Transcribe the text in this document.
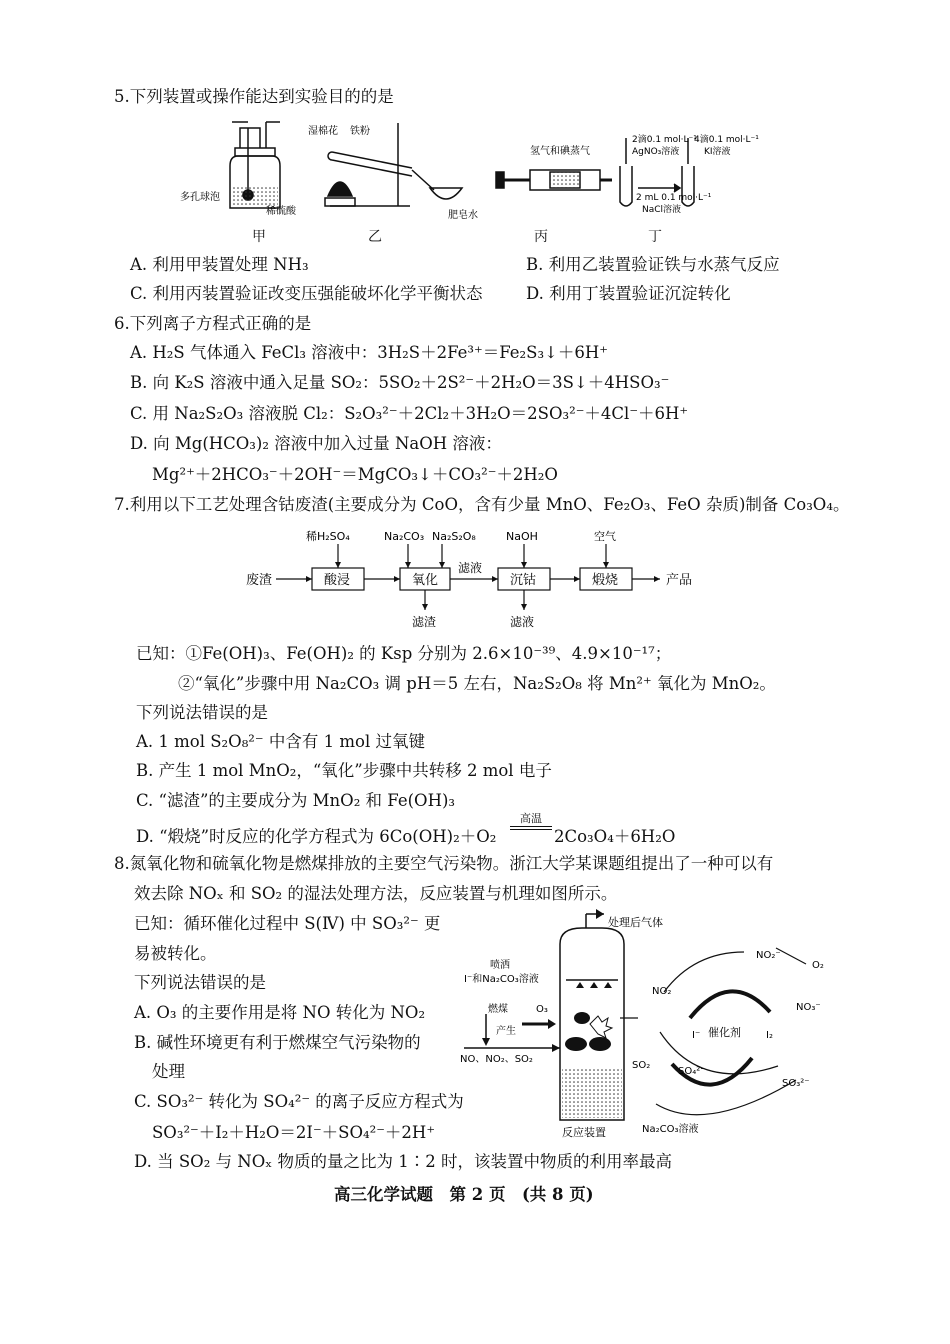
5.下列装置或操作能达到实验目的的是
多孔球泡
稀硫酸
湿棉花 铁粉
肥皂水
氢气和碘蒸气
2滴0.1 mol·L⁻¹
AgNO₃溶液
4滴0.1 mol·L⁻¹
KI溶液
2 mL 0.1 mol·L⁻¹
NaCl溶液
甲	乙	丙	丁
A. 利用甲装置处理 NH₃	B. 利用乙装置验证铁与水蒸气反应
C. 利用丙装置验证改变压强能破坏化学平衡状态	D. 利用丁装置验证沉淀转化
6.下列离子方程式正确的是
A. H₂S 气体通入 FeCl₃ 溶液中：3H₂S＋2Fe³⁺＝Fe₂S₃↓＋6H⁺
B. 向 K₂S 溶液中通入足量 SO₂：5SO₂＋2S²⁻＋2H₂O＝3S↓＋4HSO₃⁻
C. 用 Na₂S₂O₃ 溶液脱 Cl₂：S₂O₃²⁻＋2Cl₂＋3H₂O＝2SO₃²⁻＋4Cl⁻＋6H⁺
D. 向 Mg(HCO₃)₂ 溶液中加入过量 NaOH 溶液：
Mg²⁺＋2HCO₃⁻＋2OH⁻＝MgCO₃↓＋CO₃²⁻＋2H₂O
7.利用以下工艺处理含钴废渣(主要成分为 CoO，含有少量 MnO、Fe₂O₃、FeO 杂质)制备 Co₃O₄。
废渣	酸浸	氧化	沉钴	煅烧	产品
稀H₂SO₄	Na₂CO₃ Na₂S₂O₈	NaOH	空气
滤液
滤渣	滤液
已知：①Fe(OH)₃、Fe(OH)₂ 的 Ksp 分别为 2.6×10⁻³⁹、4.9×10⁻¹⁷；
②“氧化”步骤中用 Na₂CO₃ 调 pH＝5 左右，Na₂S₂O₈ 将 Mn²⁺ 氧化为 MnO₂。
下列说法错误的是
A. 1 mol S₂O₈²⁻ 中含有 1 mol 过氧键
B. 产生 1 mol MnO₂，“氧化”步骤中共转移 2 mol 电子
C. “滤渣”的主要成分为 MnO₂ 和 Fe(OH)₃
D. “煅烧”时反应的化学方程式为 6Co(OH)₂＋O₂
高温
2Co₃O₄＋6H₂O
8.氮氧化物和硫氧化物是燃煤排放的主要空气污染物。浙江大学某课题组提出了一种可以有
效去除 NOₓ 和 SO₂ 的湿法处理方法，反应装置与机理如图所示。
已知：循环催化过程中 S(Ⅳ) 中 SO₃²⁻ 更
易被转化。
下列说法错误的是
A. O₃ 的主要作用是将 NO 转化为 NO₂
B. 碱性环境更有利于燃煤空气污染物的
处理
C. SO₃²⁻ 转化为 SO₄²⁻ 的离子反应方程式为
SO₃²⁻＋I₂＋H₂O＝2I⁻＋SO₄²⁻＋2H⁺
D. 当 SO₂ 与 NOₓ 物质的量之比为 1∶2 时，该装置中物质的利用率最高
处理后气体
喷洒
I⁻和Na₂CO₃溶液
燃煤
产生
O₃
NO、NO₂、SO₂
反应装置
NO₂
NO₂⁻
O₂
NO₃⁻
I⁻ 催化剂	I₂
SO₄²⁻
SO₂
SO₃²⁻
Na₂CO₃溶液
高三化学试题　第 2 页　(共 8 页)
